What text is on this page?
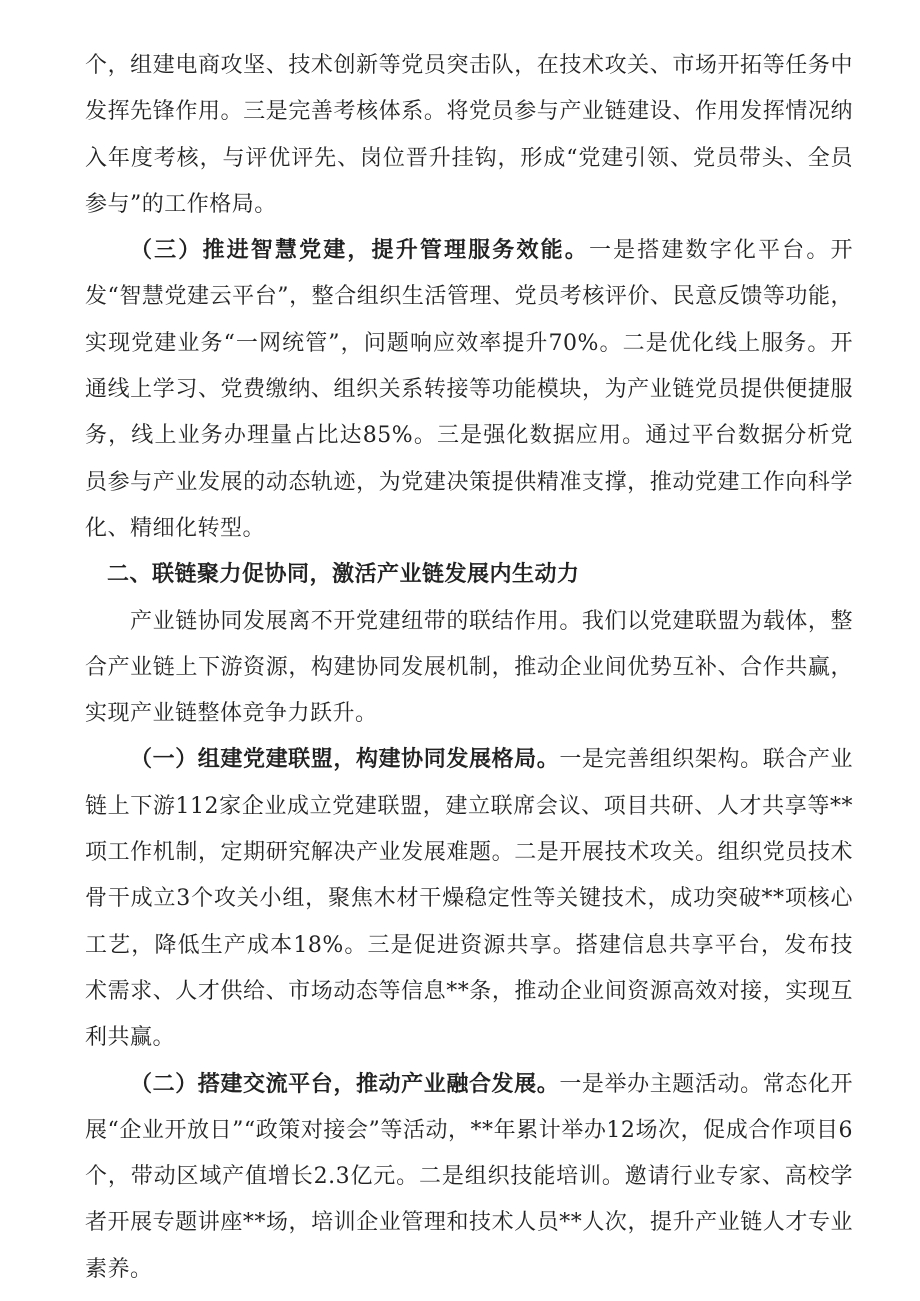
个，组建电商攻坚、技术创新等党员突击队，在技术攻关、市场开拓等任务中发挥先锋作用。三是完善考核体系。将党员参与产业链建设、作用发挥情况纳入年度考核，与评优评先、岗位晋升挂钩，形成“党建引领、党员带头、全员参与”的工作格局。

（三）推进智慧党建，提升管理服务效能。一是搭建数字化平台。开发“智慧党建云平台”，整合组织生活管理、党员考核评价、民意反馈等功能，实现党建业务“一网统管”，问题响应效率提升70%。二是优化线上服务。开通线上学习、党费缴纳、组织关系转接等功能模块，为产业链党员提供便捷服务，线上业务办理量占比达85%。三是强化数据应用。通过平台数据分析党员参与产业发展的动态轨迹，为党建决策提供精准支撑，推动党建工作向科学化、精细化转型。

二、联链聚力促协同，激活产业链发展内生动力

产业链协同发展离不开党建纽带的联结作用。我们以党建联盟为载体，整合产业链上下游资源，构建协同发展机制，推动企业间优势互补、合作共赢，实现产业链整体竞争力跃升。

（一）组建党建联盟，构建协同发展格局。一是完善组织架构。联合产业链上下游112家企业成立党建联盟，建立联席会议、项目共研、人才共享等**项工作机制，定期研究解决产业发展难题。二是开展技术攻关。组织党员技术骨干成立3个攻关小组，聚焦木材干燥稳定性等关键技术，成功突破**项核心工艺，降低生产成本18%。三是促进资源共享。搭建信息共享平台，发布技术需求、人才供给、市场动态等信息**条，推动企业间资源高效对接，实现互利共赢。

（二）搭建交流平台，推动产业融合发展。一是举办主题活动。常态化开展“企业开放日”“政策对接会”等活动，**年累计举办12场次，促成合作项目6个，带动区域产值增长2.3亿元。二是组织技能培训。邀请行业专家、高校学者开展专题讲座**场，培训企业管理和技术人员**人次，提升产业链人才专业素养。
